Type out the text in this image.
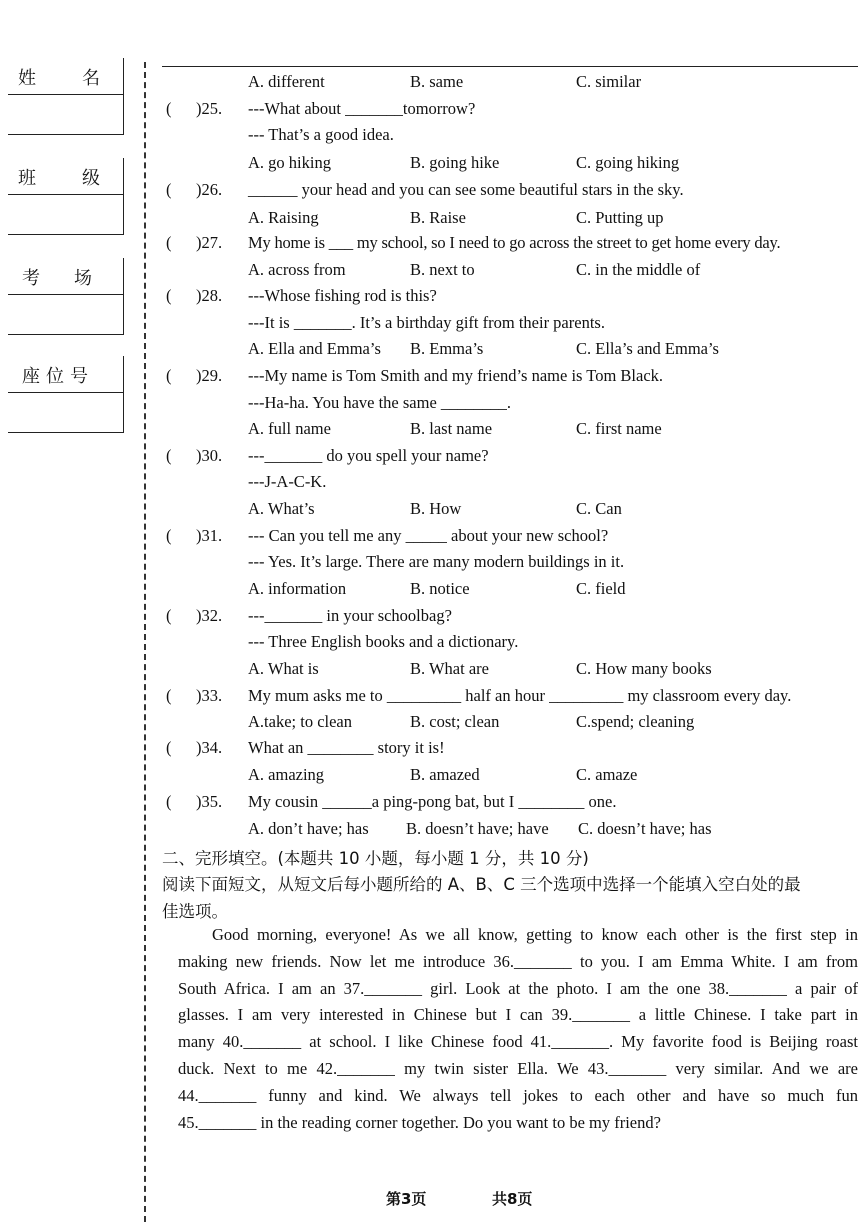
姓	名
班	级
考 场
座位号
A. different	B. same	C. similar
( )25. ---What about _______tomorrow?
--- That’s a good idea.
A. go hiking	B. going hike	C. going hiking
( )26. ______ your head and you can see some beautiful stars in the sky.
A. Raising	B. Raise	C. Putting up
( )27. My home is ___ my school, so I need to go across the street to get home every day.
A. across from	B. next to	C. in the middle of
( )28. ---Whose fishing rod is this?
---It is _______. It’s a birthday gift from their parents.
A. Ella and Emma’s B. Emma’s	C. Ella’s and Emma’s
( )29. ---My name is Tom Smith and my friend’s name is Tom Black.
---Ha-ha. You have the same ________.
A. full name	B. last name	C. first name
( )30. ---_______ do you spell your name?
---J-A-C-K.
A. What’s	B. How	C. Can
( )31. --- Can you tell me any _____ about your new school?
--- Yes. It’s large. There are many modern buildings in it.
A. information	B. notice	C. field
( )32. ---_______ in your schoolbag?
--- Three English books and a dictionary.
A. What is	B. What are	C. How many books
( )33. My mum asks me to _________ half an hour _________ my classroom every day.
A.take; to clean	B. cost; clean	C.spend; cleaning
( )34. What an ________ story it is!
A. amazing	B. amazed	C. amaze
( )35. My cousin ______a ping-pong bat, but I ________ one.
A. don’t have; has B. doesn’t have; have C. doesn’t have; has
二、完形填空。(本题共 10 小题，每小题 1 分，共 10 分)
阅读下面短文，从短文后每小题所给的 A、B、C 三个选项中选择一个能填入空白处的最
佳选项。
Good morning, everyone! As we all know, getting to know each other is the first step in
making new friends. Now let me introduce 36._______ to you. I am Emma White. I am from
South Africa. I am an 37._______ girl. Look at the photo. I am the one 38._______ a pair of
glasses. I am very interested in Chinese but I can 39._______ a little Chinese. I take part in
many 40._______ at school. I like Chinese food 41._______. My favorite food is Beijing roast
duck. Next to me 42._______ my twin sister Ella. We 43._______ very similar. And we are
44._______ funny and kind. We always tell jokes to each other and have so much fun
45._______ in the reading corner together. Do you want to be my friend?
第3页	共8页
